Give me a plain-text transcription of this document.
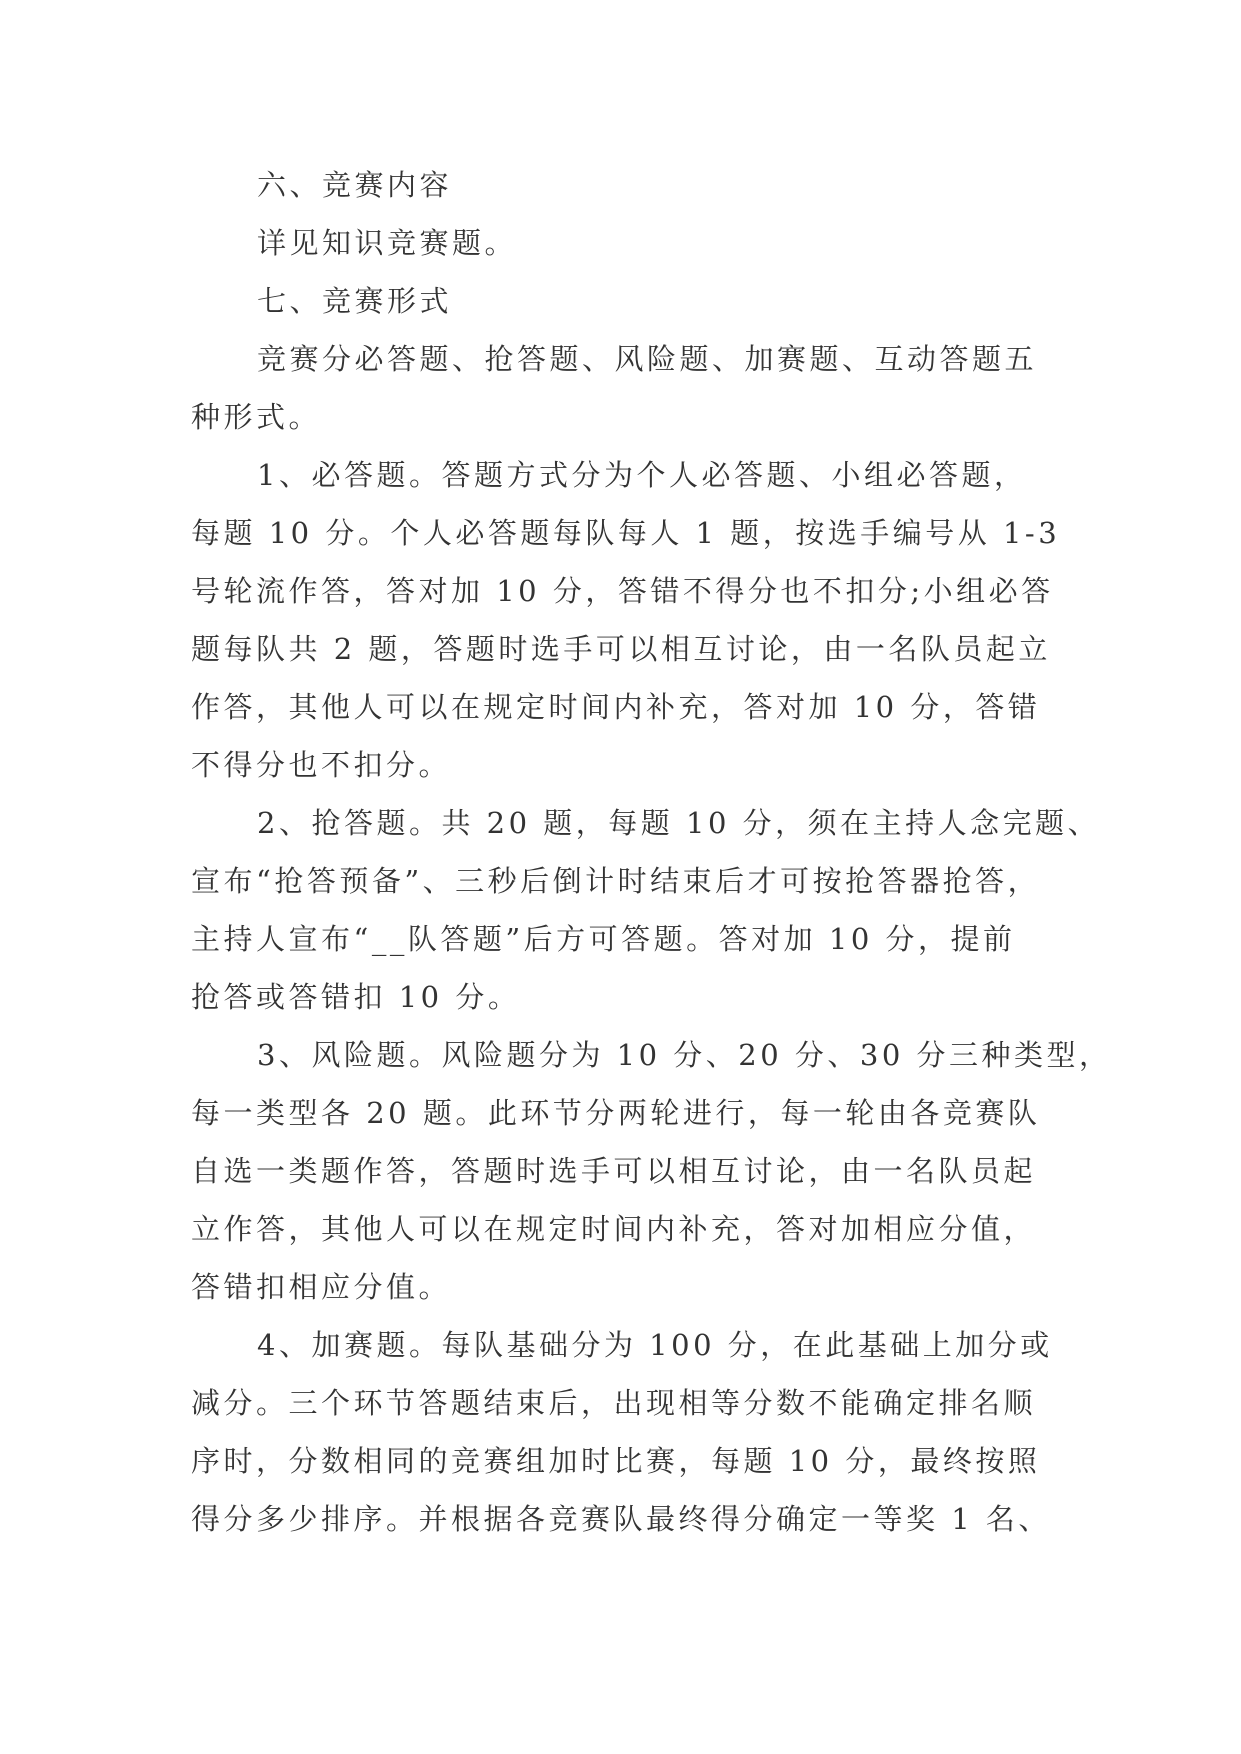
六、竞赛内容
详见知识竞赛题。
七、竞赛形式
竞赛分必答题、抢答题、风险题、加赛题、互动答题五
种形式。
1、必答题。答题方式分为个人必答题、小组必答题，
每题 10 分。个人必答题每队每人 1 题，按选手编号从 1-3
号轮流作答，答对加 10 分，答错不得分也不扣分;小组必答
题每队共 2 题，答题时选手可以相互讨论，由一名队员起立
作答，其他人可以在规定时间内补充，答对加 10 分，答错
不得分也不扣分。
2、抢答题。共 20 题，每题 10 分，须在主持人念完题、
宣布“抢答预备”、三秒后倒计时结束后才可按抢答器抢答，
主持人宣布“__队答题”后方可答题。答对加 10 分，提前
抢答或答错扣 10 分。
3、风险题。风险题分为 10 分、20 分、30 分三种类型，
每一类型各 20 题。此环节分两轮进行，每一轮由各竞赛队
自选一类题作答，答题时选手可以相互讨论，由一名队员起
立作答，其他人可以在规定时间内补充，答对加相应分值，
答错扣相应分值。
4、加赛题。每队基础分为 100 分，在此基础上加分或
减分。三个环节答题结束后，出现相等分数不能确定排名顺
序时，分数相同的竞赛组加时比赛，每题 10 分，最终按照
得分多少排序。并根据各竞赛队最终得分确定一等奖 1 名、
